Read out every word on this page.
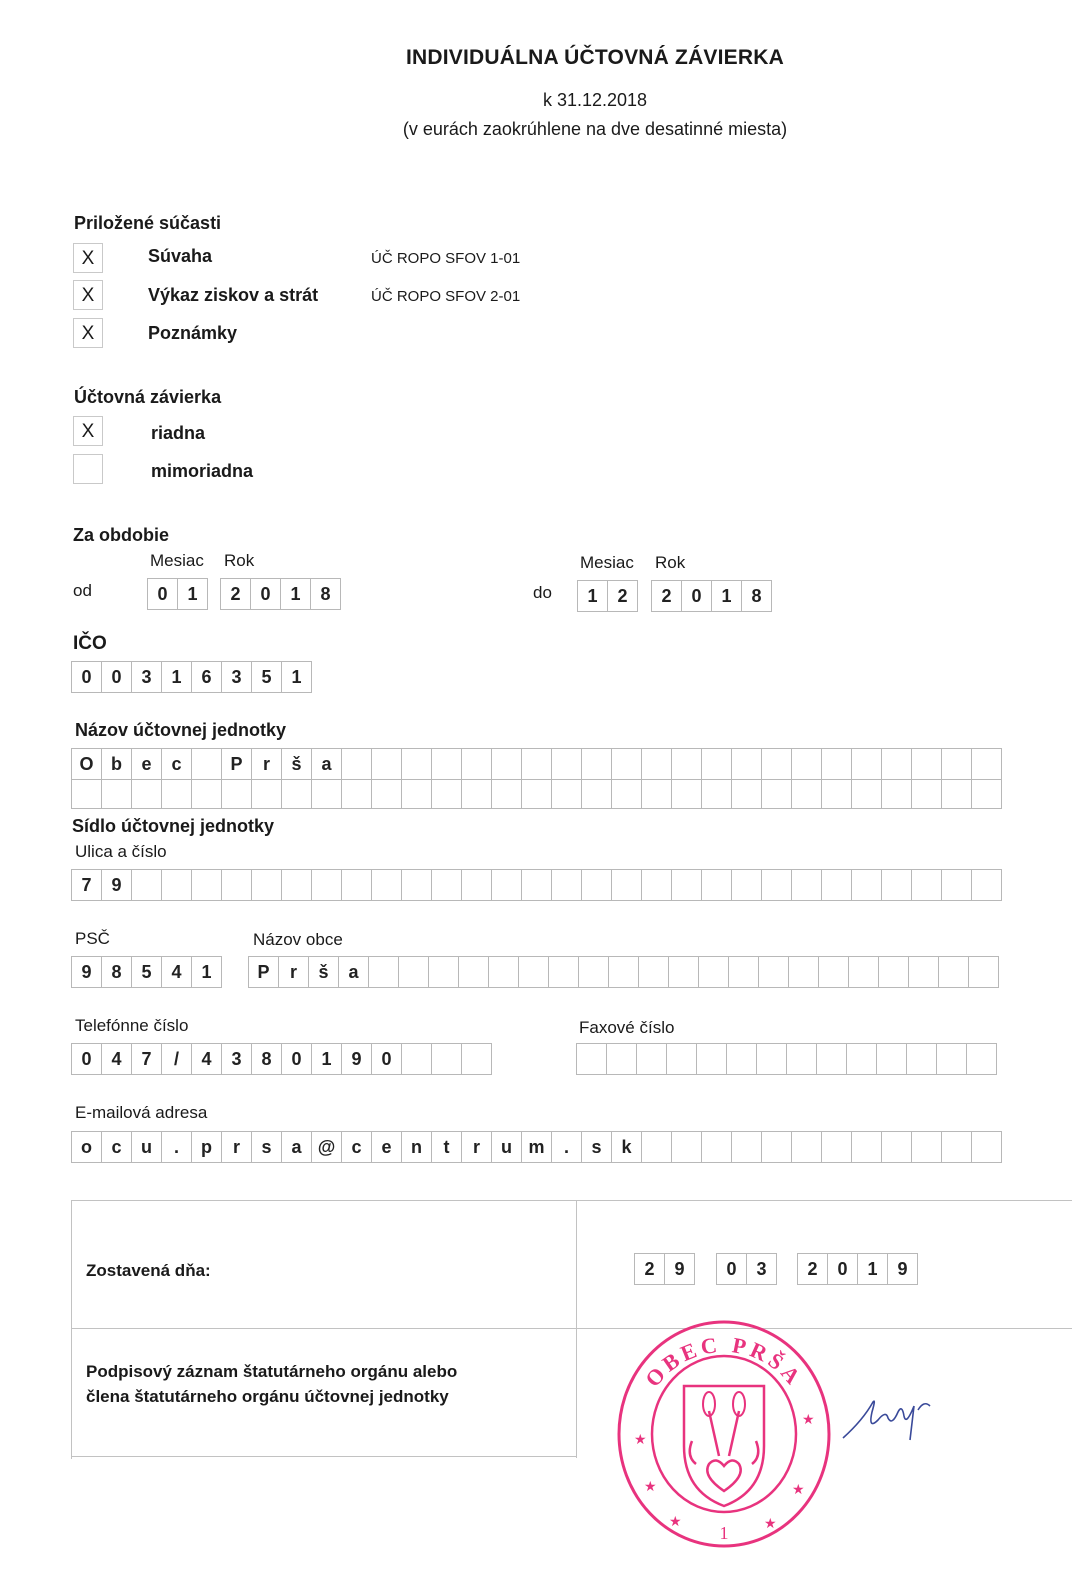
INDIVIDUÁLNA ÚČTOVNÁ ZÁVIERKA
k 31.12.2018
(v eurách zaokrúhlene na dve desatinné miesta)
Priložené súčasti
X	Súvaha	ÚČ ROPO SFOV 1-01
X	Výkaz ziskov a strát	ÚČ ROPO SFOV 2-01
X	Poznámky
Účtovná závierka
X	riadna
mimoriadna
Za obdobie
Mesiac Rok
od	0	1	2	0	1	8
Mesiac Rok
do	1	2	2	0	1	8
IČO
0	0	3	1	6	3	5	1
Názov účtovnej jednotky
O b	e	c	P	r	š	a
Sídlo účtovnej jednotky
Ulica a číslo
7	9
PSČ
9	8	5	4	1
Názov obce
P	r	š	a
Telefónne číslo
0	4	7	/	4	3	8	0	1	9	0
Faxové číslo
E-mailová adresa
o	c	u	.	p	r	s	a @ c	e	n	t	r	u m	.	s	k
Zostavená dňa:	2	9	0	3	2	0	1	9
Podpisový záznam štatutárneho orgánu alebo
člena štatutárneho orgánu účtovnej jednotky
OBEC PRŠA
1
★
★
★	★
★	★
